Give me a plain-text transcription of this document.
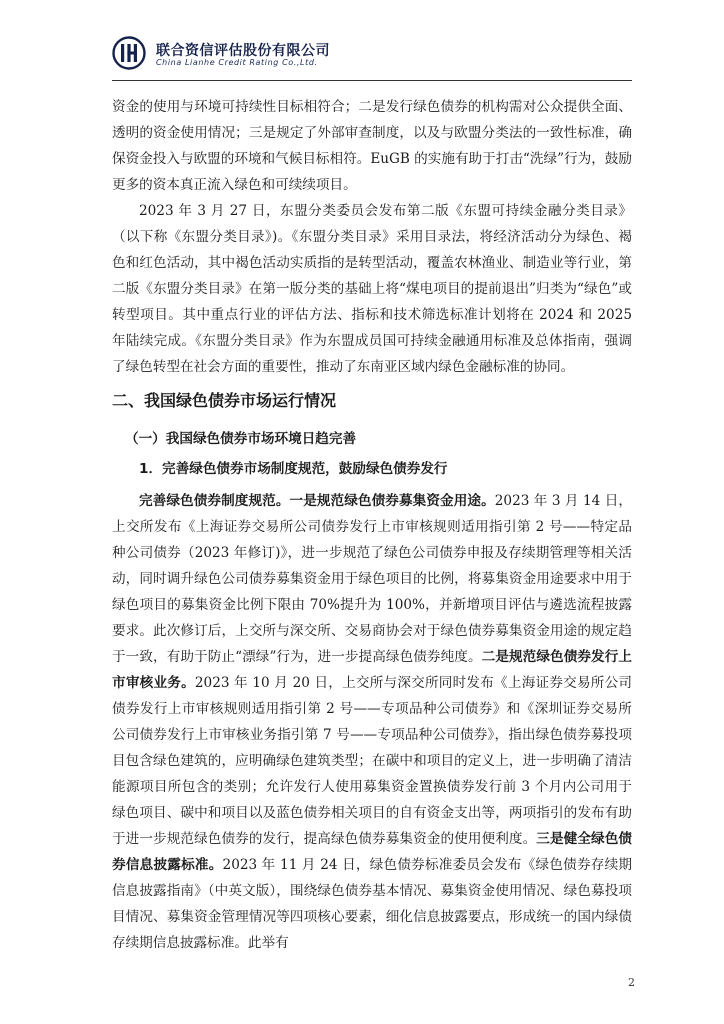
联合资信评估股份有限公司
China Lianhe Credit Rating Co.,Ltd.

资金的使用与环境可持续性目标相符合；二是发行绿色债券的机构需对公众提供全面、透明的资金使用情况；三是规定了外部审查制度，以及与欧盟分类法的一致性标准，确保资金投入与欧盟的环境和气候目标相符。EuGB 的实施有助于打击“洗绿”行为，鼓励更多的资本真正流入绿色和可续续项目。

2023 年 3 月 27 日，东盟分类委员会发布第二版《东盟可持续金融分类目录》（以下称《东盟分类目录》)。《东盟分类目录》采用目录法，将经济活动分为绿色、褐色和红色活动，其中褐色活动实质指的是转型活动，覆盖农林渔业、制造业等行业，第二版《东盟分类目录》在第一版分类的基础上将“煤电项目的提前退出”归类为“绿色”或转型项目。其中重点行业的评估方法、指标和技术筛选标准计划将在 2024 和 2025 年陆续完成。《东盟分类目录》作为东盟成员国可持续金融通用标准及总体指南，强调了绿色转型在社会方面的重要性，推动了东南亚区域内绿色金融标准的协同。

二、我国绿色债券市场运行情况
（一）我国绿色债券市场环境日趋完善
1．完善绿色债券市场制度规范，鼓励绿色债券发行

完善绿色债券制度规范。一是规范绿色债券募集资金用途。2023 年 3 月 14 日，上交所发布《上海证券交易所公司债券发行上市审核规则适用指引第 2 号——特定品种公司债券（2023 年修订)》，进一步规范了绿色公司债券申报及存续期管理等相关活动，同时调升绿色公司债券募集资金用于绿色项目的比例，将募集资金用途要求中用于绿色项目的募集资金比例下限由 70%提升为 100%，并新增项目评估与遴选流程披露要求。此次修订后，上交所与深交所、交易商协会对于绿色债券募集资金用途的规定趋于一致，有助于防止“漂绿”行为，进一步提高绿色债券纯度。二是规范绿色债券发行上市审核业务。2023 年 10 月 20 日，上交所与深交所同时发布《上海证券交易所公司债券发行上市审核规则适用指引第 2 号——专项品种公司债券》和《深圳证券交易所公司债券发行上市审核业务指引第 7 号——专项品种公司债券》，指出绿色债券募投项目包含绿色建筑的，应明确绿色建筑类型；在碳中和项目的定义上，进一步明确了清洁能源项目所包含的类别；允许发行人使用募集资金置换债券发行前 3 个月内公司用于绿色项目、碳中和项目以及蓝色债券相关项目的自有资金支出等，两项指引的发布有助于进一步规范绿色债券的发行，提高绿色债券募集资金的使用便利度。三是健全绿色债券信息披露标准。2023 年 11 月 24 日，绿色债券标准委员会发布《绿色债券存续期信息披露指南》（中英文版），围绕绿色债券基本情况、募集资金使用情况、绿色募投项目情况、募集资金管理情况等四项核心要素，细化信息披露要点，形成统一的国内绿债存续期信息披露标准。此举有

2
